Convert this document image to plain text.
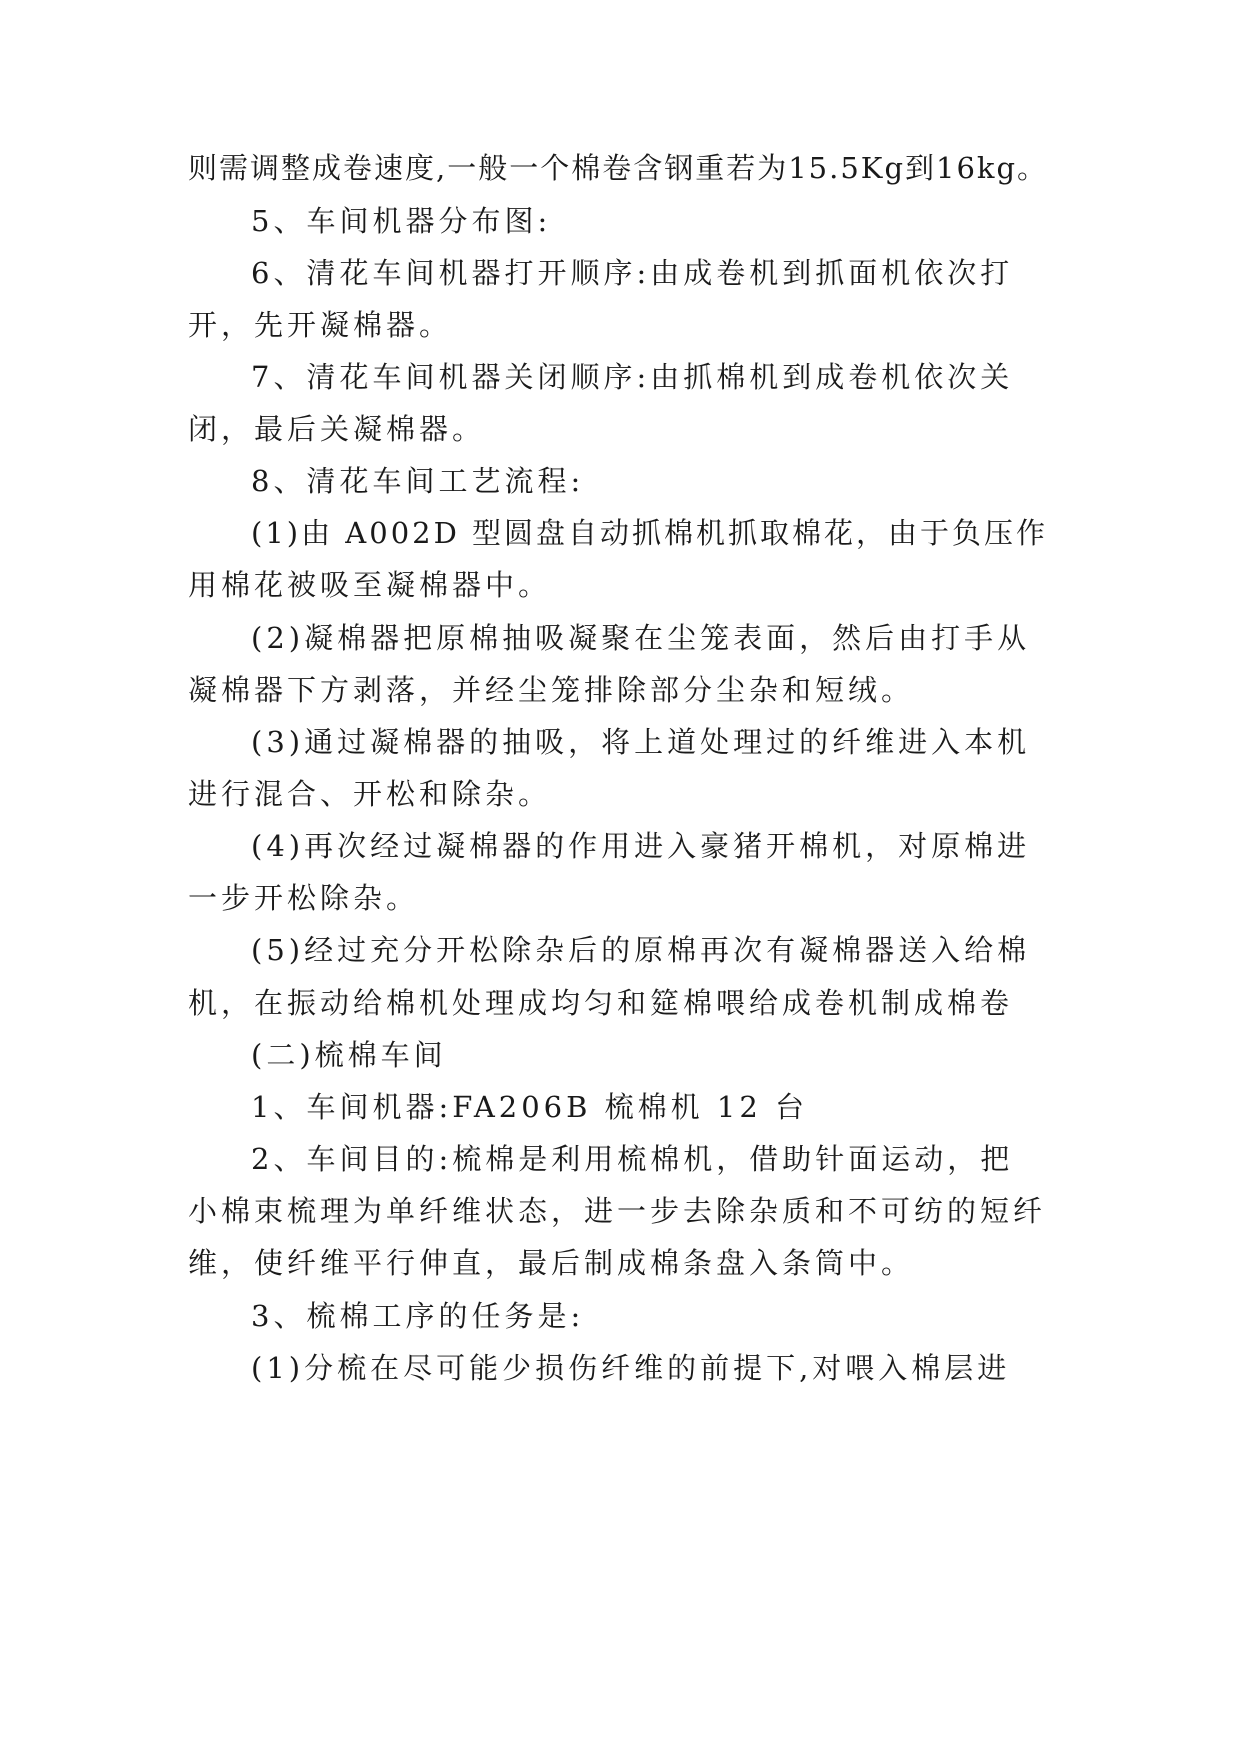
则需调整成卷速度,一般一个棉卷含钢重若为15.5Kg到16kg。

5、车间机器分布图:

6、清花车间机器打开顺序:由成卷机到抓面机依次打

开，先开凝棉器。

7、清花车间机器关闭顺序:由抓棉机到成卷机依次关

闭，最后关凝棉器。

8、清花车间工艺流程:

(1)由 A002D 型圆盘自动抓棉机抓取棉花，由于负压作

用棉花被吸至凝棉器中。

(2)凝棉器把原棉抽吸凝聚在尘笼表面，然后由打手从

凝棉器下方剥落，并经尘笼排除部分尘杂和短绒。

(3)通过凝棉器的抽吸，将上道处理过的纤维进入本机

进行混合、开松和除杂。

(4)再次经过凝棉器的作用进入豪猪开棉机，对原棉进

一步开松除杂。

(5)经过充分开松除杂后的原棉再次有凝棉器送入给棉

机，在振动给棉机处理成均匀和筵棉喂给成卷机制成棉卷

(二)梳棉车间

1、车间机器:FA206B 梳棉机 12 台

2、车间目的:梳棉是利用梳棉机，借助针面运动，把

小棉束梳理为单纤维状态，进一步去除杂质和不可纺的短纤

维，使纤维平行伸直，最后制成棉条盘入条筒中。

3、梳棉工序的任务是:

(1)分梳在尽可能少损伤纤维的前提下,对喂入棉层进
